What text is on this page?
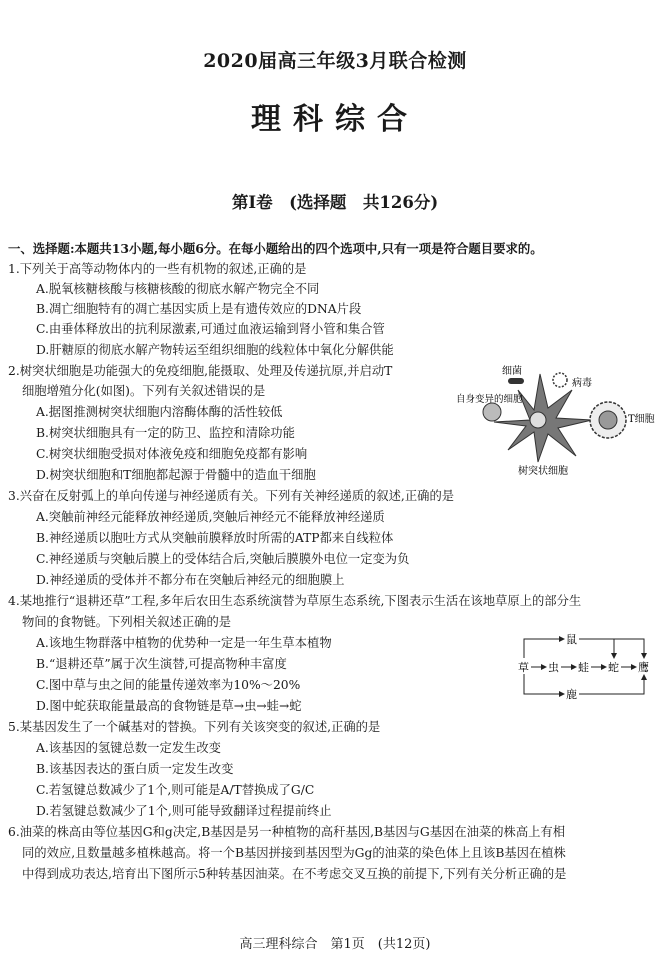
2020届高三年级3月联合检测
理科综合
第Ⅰ卷　(选择题　共126分)
一、选择题:本题共13小题,每小题6分。在每小题给出的四个选项中,只有一项是符合题目要求的。
1.下列关于高等动物体内的一些有机物的叙述,正确的是
A.脱氧核糖核酸与核糖核酸的彻底水解产物完全不同
B.凋亡细胞特有的凋亡基因实质上是有遗传效应的DNA片段
C.由垂体释放出的抗利尿激素,可通过血液运输到肾小管和集合管
D.肝糖原的彻底水解产物转运至组织细胞的线粒体中氧化分解供能
2.树突状细胞是功能强大的免疫细胞,能摄取、处理及传递抗原,并启动T
细胞增殖分化(如图)。下列有关叙述错误的是
A.据图推测树突状细胞内溶酶体酶的活性较低
B.树突状细胞具有一定的防卫、监控和清除功能
C.树突状细胞受损对体液免疫和细胞免疫都有影响
D.树突状细胞和T细胞都起源于骨髓中的造血干细胞
细菌
病毒
自身变异的细胞
T细胞
树突状细胞
3.兴奋在反射弧上的单向传递与神经递质有关。下列有关神经递质的叙述,正确的是
A.突触前神经元能释放神经递质,突触后神经元不能释放神经递质
B.神经递质以胞吐方式从突触前膜释放时所需的ATP都来自线粒体
C.神经递质与突触后膜上的受体结合后,突触后膜膜外电位一定变为负
D.神经递质的受体并不都分布在突触后神经元的细胞膜上
4.某地推行“退耕还草”工程,多年后农田生态系统演替为草原生态系统,下图表示生活在该地草原上的部分生
物间的食物链。下列相关叙述正确的是
A.该地生物群落中植物的优势种一定是一年生草本植物
B.“退耕还草”属于次生演替,可提高物种丰富度
C.图中草与虫之间的能量传递效率为10%～20%
D.图中蛇获取能量最高的食物链是草→虫→蛙→蛇
草 虫 蛙 蛇 鹰
鼠
鹿
5.某基因发生了一个碱基对的替换。下列有关该突变的叙述,正确的是
A.该基因的氢键总数一定发生改变
B.该基因表达的蛋白质一定发生改变
C.若氢键总数减少了1个,则可能是A/T替换成了G/C
D.若氢键总数减少了1个,则可能导致翻译过程提前终止
6.油菜的株高由等位基因G和g决定,B基因是另一种植物的高秆基因,B基因与G基因在油菜的株高上有相
同的效应,且数量越多植株越高。将一个B基因拼接到基因型为Gg的油菜的染色体上且该B基因在植株
中得到成功表达,培育出下图所示5种转基因油菜。在不考虑交叉互换的前提下,下列有关分析正确的是
高三理科综合　第1页　(共12页)
